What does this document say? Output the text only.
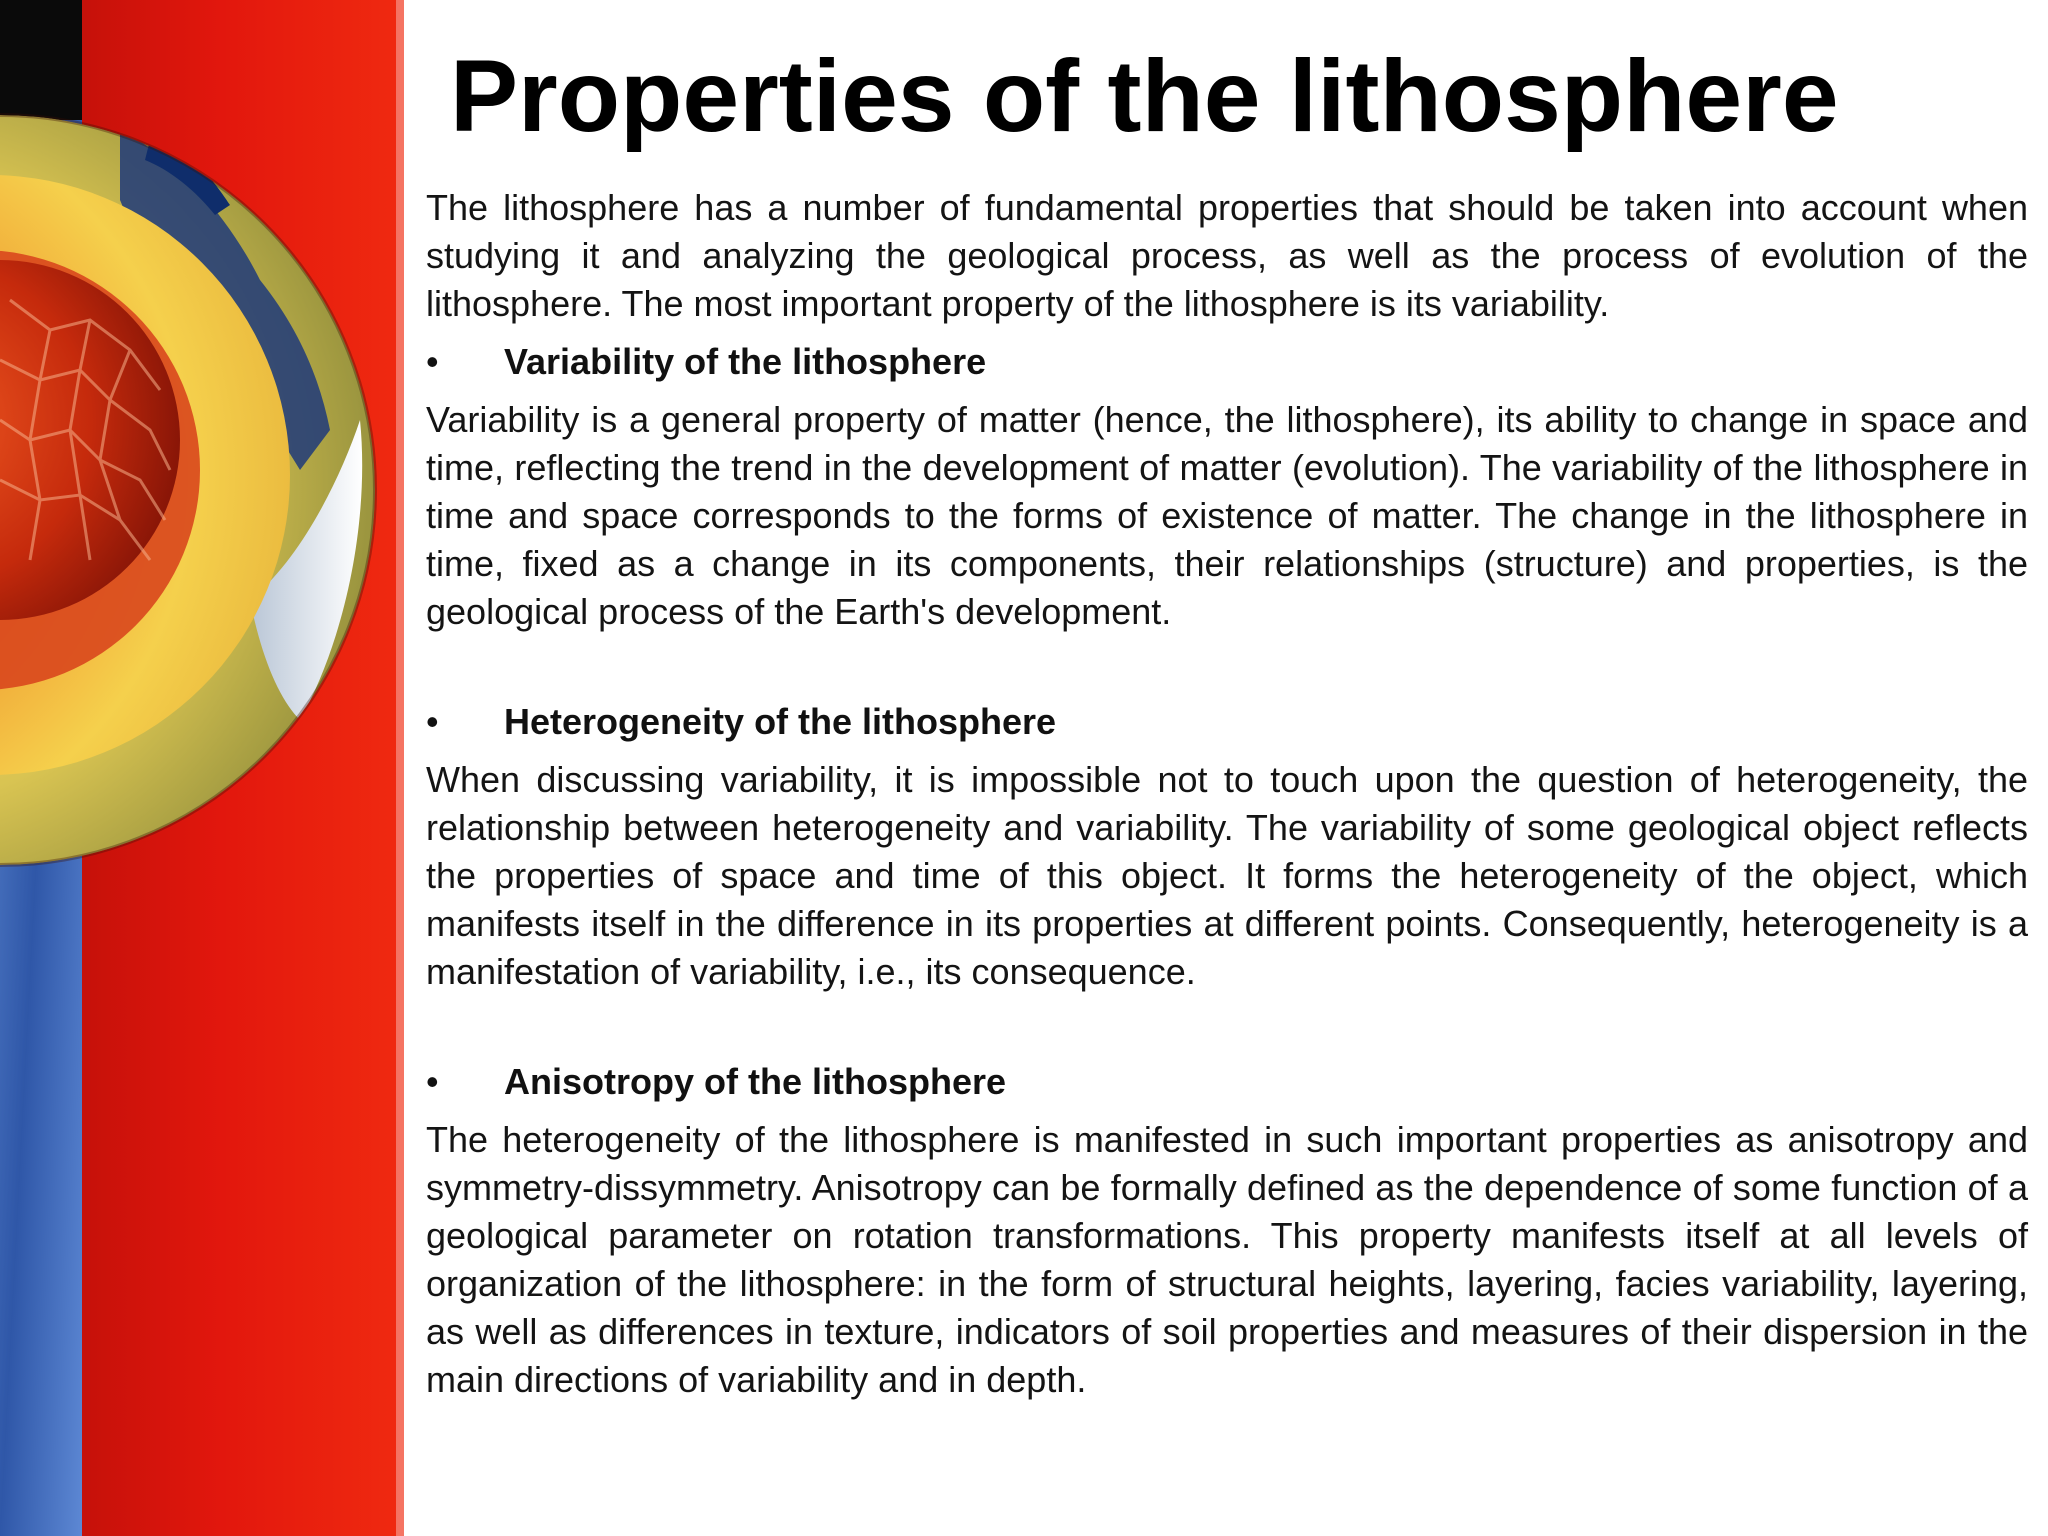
Properties of the lithosphere

The lithosphere has a number of fundamental properties that should be taken into account when studying it and analyzing the geological process, as well as the process of evolution of the lithosphere. The most important property of the lithosphere is its variability.

•	Variability of the lithosphere

Variability is a general property of matter (hence, the lithosphere), its ability to change in space and time, reflecting the trend in the development of matter (evolution). The variability of the lithosphere in time and space corresponds to the forms of existence of matter. The change in the lithosphere in time, fixed as a change in its components, their relationships (structure) and properties, is the geological process of the Earth's development.

•	Heterogeneity of the lithosphere

When discussing variability, it is impossible not to touch upon the question of heterogeneity, the relationship between heterogeneity and variability. The variability of some geological object reflects the properties of space and time of this object. It forms the heterogeneity of the object, which manifests itself in the difference in its properties at different points. Consequently, heterogeneity is a manifestation of variability, i.e., its consequence.

•	Anisotropy of the lithosphere

The heterogeneity of the lithosphere is manifested in such important properties as anisotropy and symmetry-dissymmetry. Anisotropy can be formally defined as the dependence of some function of a geological parameter on rotation transformations. This property manifests itself at all levels of organization of the lithosphere: in the form of structural heights, layering, facies variability, layering, as well as differences in texture, indicators of soil properties and measures of their dispersion in the main directions of variability and in depth.
